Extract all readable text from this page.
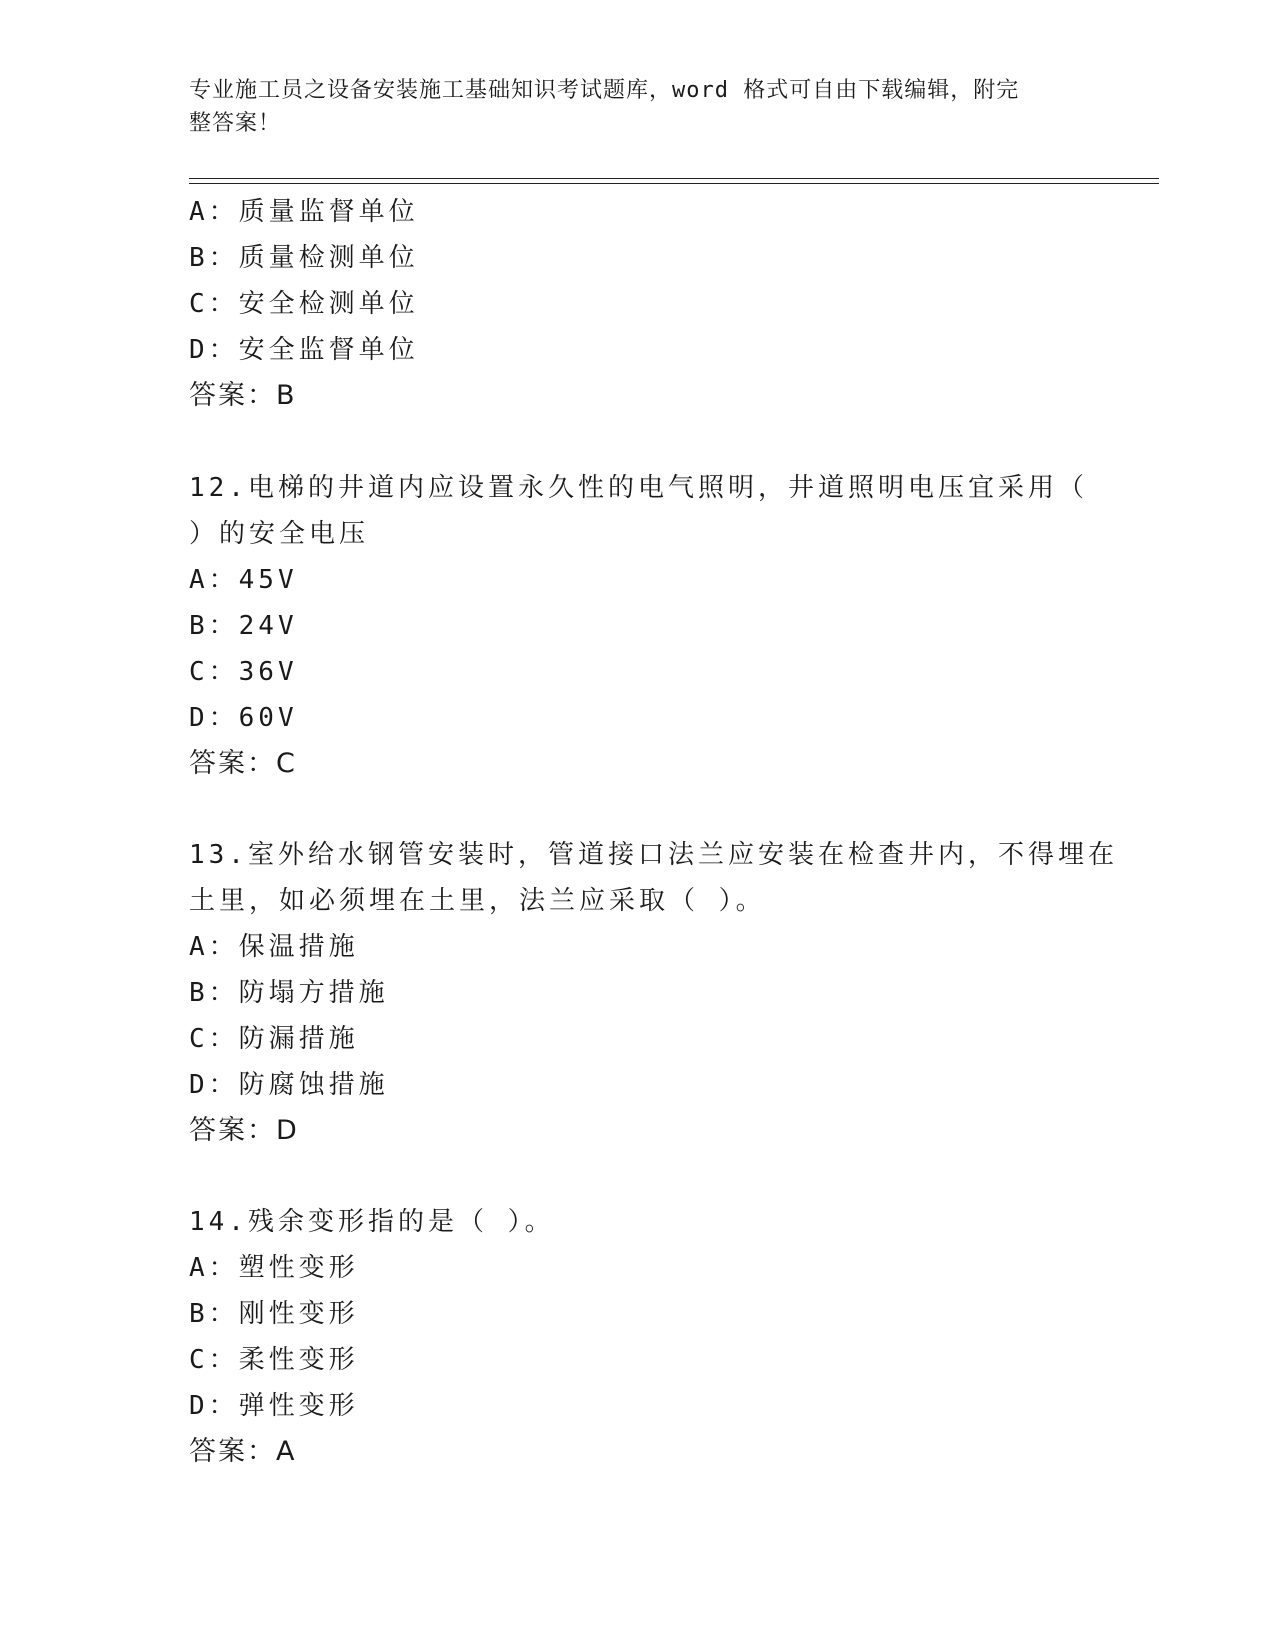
专业施工员之设备安装施工基础知识考试题库，word 格式可自由下载编辑，附完
整答案！
A：质量监督单位
B：质量检测单位
C：安全检测单位
D：安全监督单位
答案：B
12.电梯的井道内应设置永久性的电气照明，井道照明电压宜采用（
）的安全电压
A：45V
B：24V
C：36V
D：60V
答案：C
13.室外给水钢管安装时，管道接口法兰应安装在检查井内，不得埋在
土里，如必须埋在土里，法兰应采取（ ）。
A：保温措施
B：防塌方措施
C：防漏措施
D：防腐蚀措施
答案：D
14.残余变形指的是（ ）。
A：塑性变形
B：刚性变形
C：柔性变形
D：弹性变形
答案：A
